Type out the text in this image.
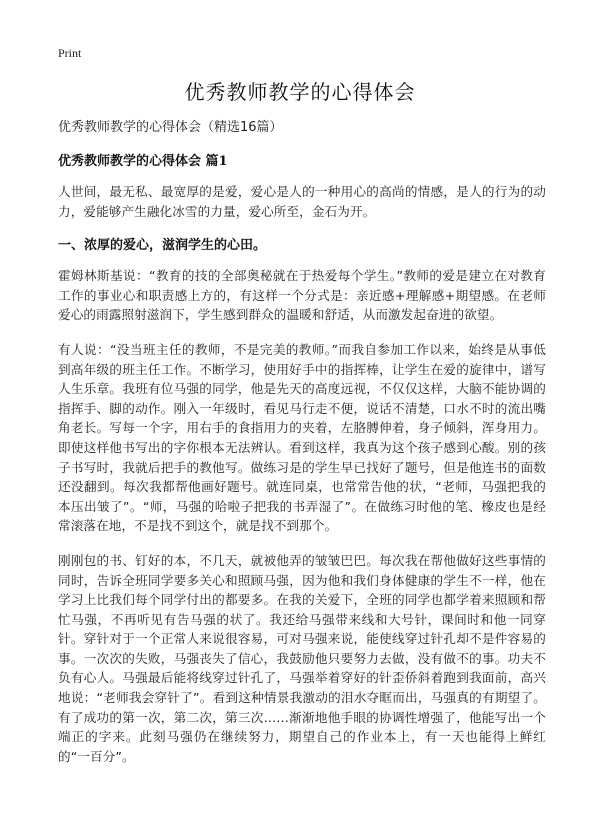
Print
优秀教师教学的心得体会

优秀教师教学的心得体会（精选16篇）

优秀教师教学的心得体会 篇1

人世间，最无私、最宽厚的是爱，爱心是人的一种用心的高尚的情感，是人的行为的动力，爱能够产生融化冰雪的力量，爱心所至，金石为开。

一、浓厚的爱心，滋润学生的心田。

霍姆林斯基说：“教育的技的全部奥秘就在于热爱每个学生。”教师的爱是建立在对教育工作的事业心和职责感上方的，有这样一个分式是：亲近感+理解感+期望感。在老师爱心的雨露照射滋润下，学生感到群众的温暖和舒适，从而激发起奋进的欲望。

有人说：“没当班主任的教师，不是完美的教师。”而我自参加工作以来，始终是从事低到高年级的班主任工作。不断学习，使用好手中的指挥棒，让学生在爱的旋律中，谱写人生乐章。我班有位马强的同学，他是先天的高度远视，不仅仅这样，大脑不能协调的指挥手、脚的动作。刚入一年级时，看见马行走不便，说话不清楚，口水不时的流出嘴角老长。写每一个字，用右手的食指用力的夹着，左胳膊伸着，身子倾斜，浑身用力。即使这样他书写出的字你根本无法辨认。看到这样，我真为这个孩子感到心酸。别的孩子书写时，我就后把手的教他写。做练习是的学生早已找好了题号，但是他连书的面数还没翻到。每次我都帮他画好题号。就连同桌，也常常告他的状，“老师，马强把我的本压出皱了”。“师，马强的哈啦子把我的书弄湿了”。在做练习时他的笔、橡皮也是经常滚落在地，不是找不到这个，就是找不到那个。

刚刚包的书、钉好的本，不几天，就被他弄的皱皱巴巴。每次我在帮他做好这些事情的同时，告诉全班同学要多关心和照顾马强，因为他和我们身体健康的学生不一样，他在学习上比我们每个同学付出的都要多。在我的关爱下，全班的同学也都学着来照顾和帮忙马强，不再听见有告马强的状了。我还给马强带来线和大号针，课间时和他一同穿针。穿针对于一个正常人来说很容易，可对马强来说，能使线穿过针孔却不是件容易的事。一次次的失败，马强丧失了信心，我鼓励他只要努力去做，没有做不的事。功夫不负有心人。马强最后能将线穿过针孔了，马强举着穿好的针歪侨斜着跑到我面前，高兴地说：“老师我会穿针了”。看到这种情景我激动的泪水夺眶而出，马强真的有期望了。有了成功的第一次，第二次，第三次……渐渐地他手眼的协调性增强了，他能写出一个端正的字来。此刻马强仍在继续努力，期望自己的作业本上，有一天也能得上鲜红的“一百分”。
